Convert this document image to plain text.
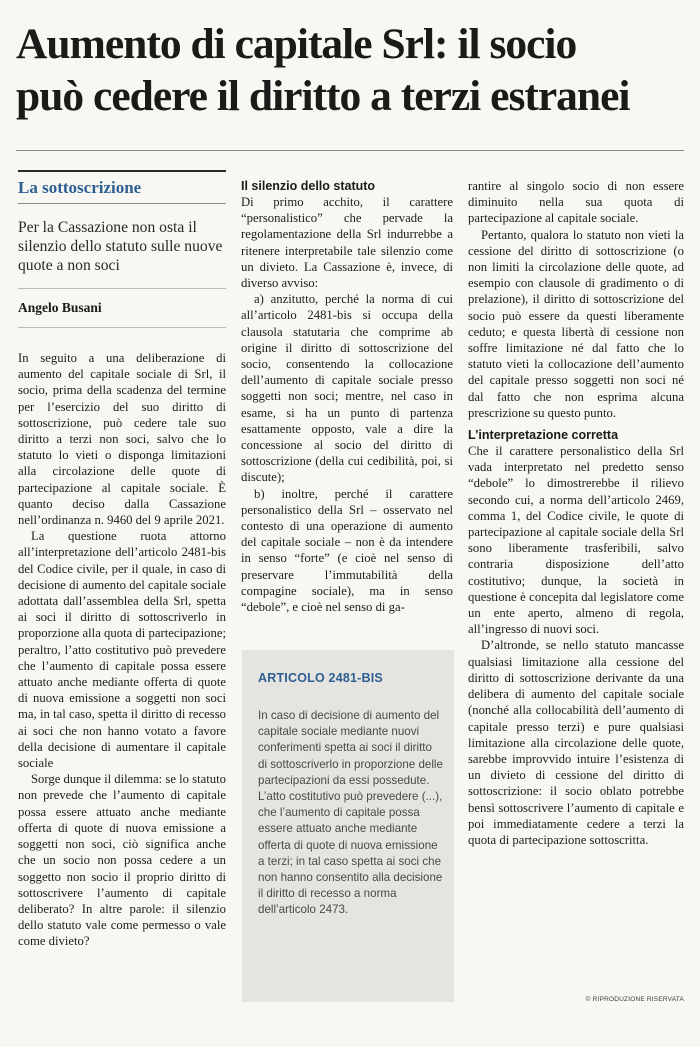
Aumento di capitale Srl: il socio
può cedere il diritto a terzi estranei
La sottoscrizione
Per la Cassazione non osta il silenzio dello statuto sulle nuove quote a non soci
Angelo Busani

In seguito a una deliberazione di aumento del capitale sociale di Srl, il socio, prima della scadenza del termine per l’esercizio del suo diritto di sottoscrizione, può cedere tale suo diritto a terzi non soci, salvo che lo statuto lo vieti o disponga limitazioni alla circolazione delle quote di partecipazione al capitale sociale. È quanto deciso dalla Cassazione nell’ordinanza n. 9460 del 9 aprile 2021.

La questione ruota attorno all’interpretazione dell’articolo 2481-bis del Codice civile, per il quale, in caso di decisione di aumento del capitale sociale adottata dall’assemblea della Srl, spetta ai soci il diritto di sottoscriverlo in proporzione alla quota di partecipazione; peraltro, l’atto costitutivo può prevedere che l’aumento di capitale possa essere attuato anche mediante offerta di quote di nuova emissione a soggetti non soci ma, in tal caso, spetta il diritto di recesso ai soci che non hanno votato a favore della decisione di aumentare il capitale sociale

Sorge dunque il dilemma: se lo statuto non prevede che l’aumento di capitale possa essere attuato anche mediante offerta di quote di nuova emissione a soggetti non soci, ciò significa anche che un socio non possa cedere a un soggetto non socio il proprio diritto di sottoscrivere l’aumento di capitale deliberato? In altre parole: il silenzio dello statuto vale come permesso o vale come divieto?

Il silenzio dello statuto

Di primo acchito, il carattere “personalistico” che pervade la regolamentazione della Srl indurrebbe a ritenere interpretabile tale silenzio come un divieto. La Cassazione è, invece, di diverso avviso:

a) anzitutto, perché la norma di cui all’articolo 2481-bis si occupa della clausola statutaria che comprime ab origine il diritto di sottoscrizione del socio, consentendo la collocazione dell’aumento di capitale sociale presso soggetti non soci; mentre, nel caso in esame, si ha un punto di partenza esattamente opposto, vale a dire la concessione al socio del diritto di sottoscrizione (della cui cedibilità, poi, si discute);

b) inoltre, perché il carattere personalistico della Srl – osservato nel contesto di una operazione di aumento del capitale sociale – non è da intendere in senso “forte” (e cioè nel senso di preservare l’immutabilità della compagine sociale), ma in senso “debole”, e cioè nel senso di ga-

ARTICOLO 2481-BIS
In caso di decisione di aumento del capitale sociale mediante nuovi conferimenti spetta ai soci il diritto di sottoscriverlo in proporzione delle partecipazioni da essi possedute. L’atto costitutivo può prevedere (...), che l’aumento di capitale possa essere attuato anche mediante offerta di quote di nuova emissione a terzi; in tal caso spetta ai soci che non hanno consentito alla decisione il diritto di recesso a norma dell’articolo 2473.

rantire al singolo socio di non essere diminuito nella sua quota di partecipazione al capitale sociale.

Pertanto, qualora lo statuto non vieti la cessione del diritto di sottoscrizione (o non limiti la circolazione delle quote, ad esempio con clausole di gradimento o di prelazione), il diritto di sottoscrizione del socio può essere da questi liberamente ceduto; e questa libertà di cessione non soffre limitazione né dal fatto che lo statuto vieti la collocazione dell’aumento del capitale presso soggetti non soci né dal fatto che non esprima alcuna prescrizione su questo punto.

L’interpretazione corretta

Che il carattere personalistico della Srl vada interpretato nel predetto senso “debole” lo dimostrerebbe il rilievo secondo cui, a norma dell’articolo 2469, comma 1, del Codice civile, le quote di partecipazione al capitale sociale della Srl sono liberamente trasferibili, salvo contraria disposizione dell’atto costitutivo; dunque, la società in questione è concepita dal legislatore come un ente aperto, almeno di regola, all’ingresso di nuovi soci.

D’altronde, se nello statuto mancasse qualsiasi limitazione alla cessione del diritto di sottoscrizione derivante da una delibera di aumento del capitale sociale (nonché alla collocabilità dell’aumento di capitale presso terzi) e pure qualsiasi limitazione alla circolazione delle quote, sarebbe improvvido intuire l’esistenza di un divieto di cessione del diritto di sottoscrizione: il socio oblato potrebbe bensì sottoscrivere l’aumento di capitale e poi immediatamente cedere a terzi la quota di partecipazione sottoscritta.

© RIPRODUZIONE RISERVATA
